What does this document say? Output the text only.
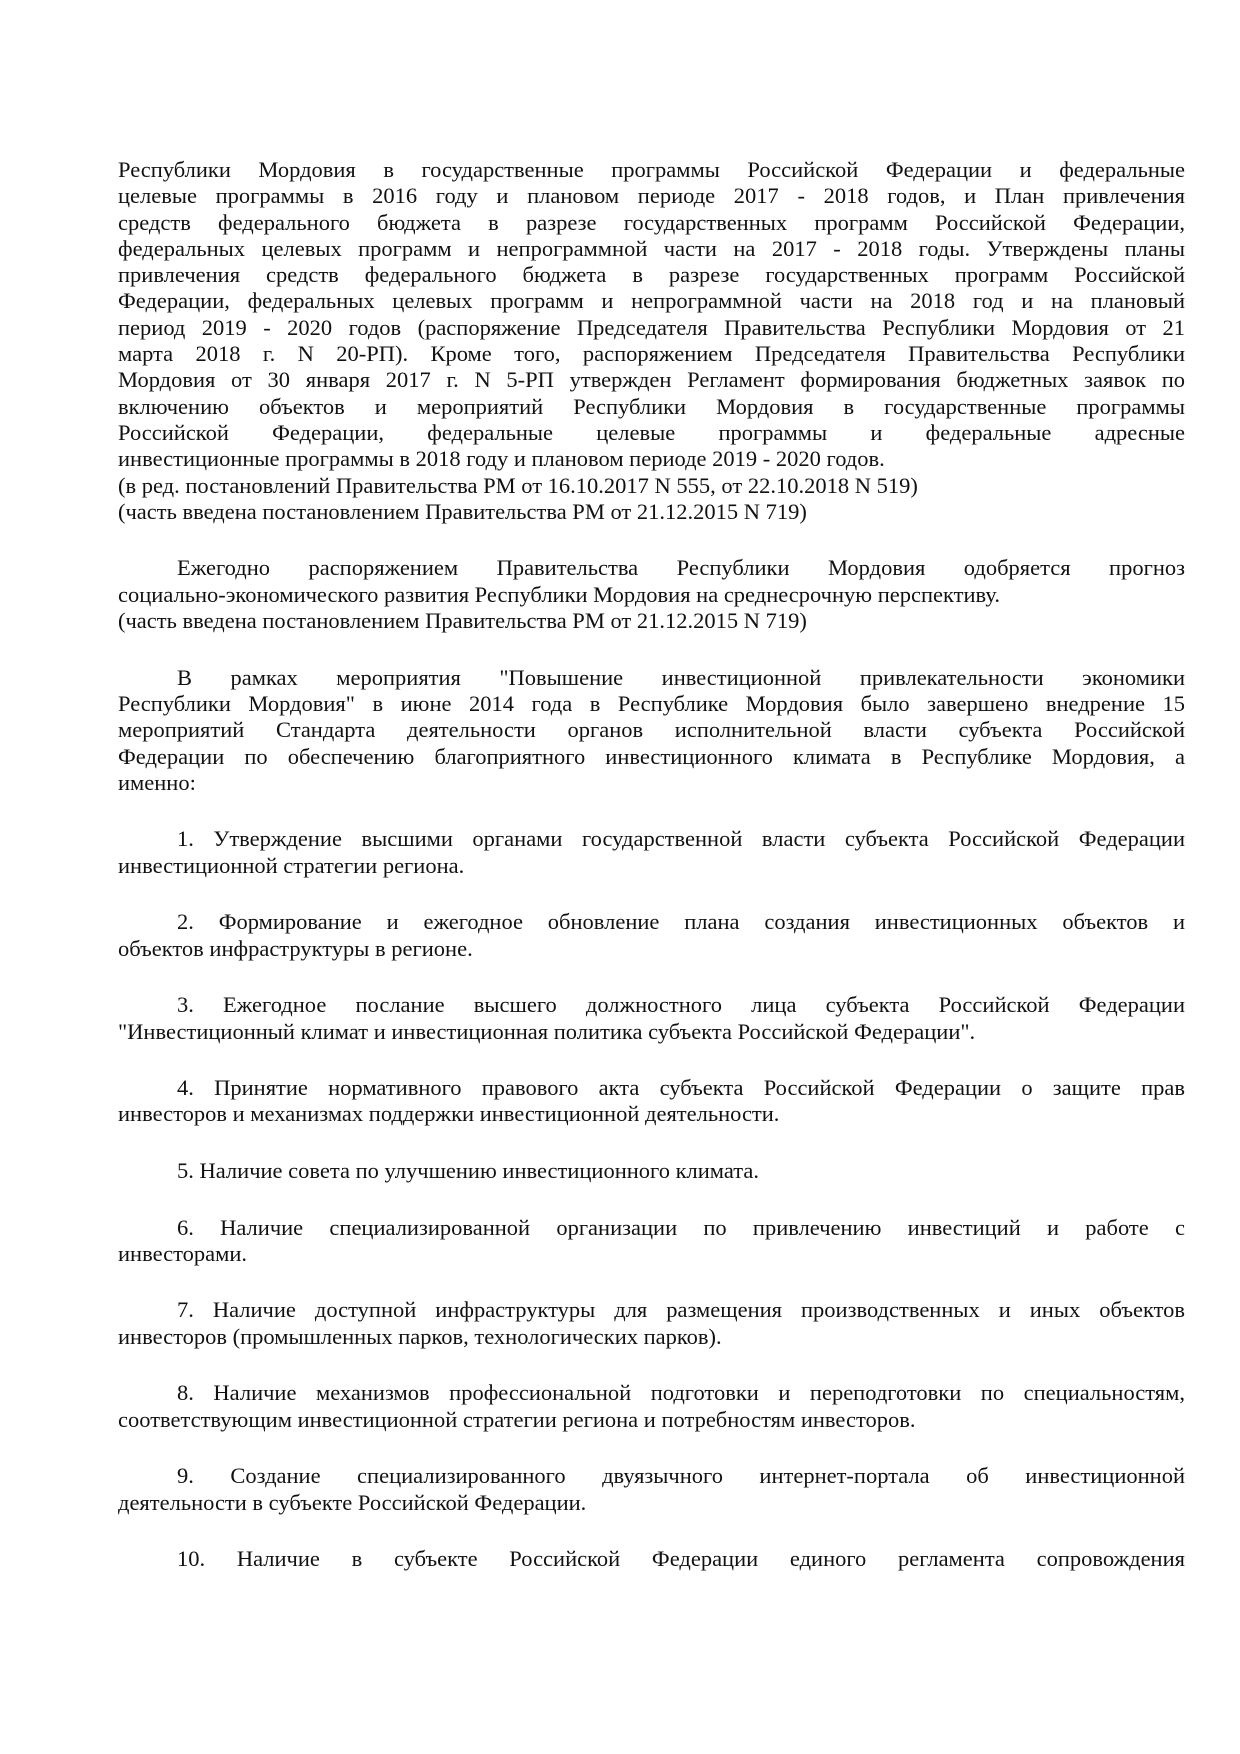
Республики Мордовия в государственные программы Российской Федерации и федеральные
целевые программы в 2016 году и плановом периоде 2017 - 2018 годов, и План привлечения
средств федерального бюджета в разрезе государственных программ Российской Федерации,
федеральных целевых программ и непрограммной части на 2017 - 2018 годы. Утверждены планы
привлечения средств федерального бюджета в разрезе государственных программ Российской
Федерации, федеральных целевых программ и непрограммной части на 2018 год и на плановый
период 2019 - 2020 годов (распоряжение Председателя Правительства Республики Мордовия от 21
марта 2018 г. N 20-РП). Кроме того, распоряжением Председателя Правительства Республики
Мордовия от 30 января 2017 г. N 5-РП утвержден Регламент формирования бюджетных заявок по
включению объектов и мероприятий Республики Мордовия в государственные программы
Российской Федерации, федеральные целевые программы и федеральные адресные
инвестиционные программы в 2018 году и плановом периоде 2019 - 2020 годов.
(в ред. постановлений Правительства РМ от 16.10.2017 N 555, от 22.10.2018 N 519)
(часть введена постановлением Правительства РМ от 21.12.2015 N 719)
Ежегодно распоряжением Правительства Республики Мордовия одобряется прогноз
социально-экономического развития Республики Мордовия на среднесрочную перспективу.
(часть введена постановлением Правительства РМ от 21.12.2015 N 719)
В рамках мероприятия "Повышение инвестиционной привлекательности экономики
Республики Мордовия" в июне 2014 года в Республике Мордовия было завершено внедрение 15
мероприятий Стандарта деятельности органов исполнительной власти субъекта Российской
Федерации по обеспечению благоприятного инвестиционного климата в Республике Мордовия, а
именно:
1. Утверждение высшими органами государственной власти субъекта Российской Федерации
инвестиционной стратегии региона.
2. Формирование и ежегодное обновление плана создания инвестиционных объектов и
объектов инфраструктуры в регионе.
3. Ежегодное послание высшего должностного лица субъекта Российской Федерации
"Инвестиционный климат и инвестиционная политика субъекта Российской Федерации".
4. Принятие нормативного правового акта субъекта Российской Федерации о защите прав
инвесторов и механизмах поддержки инвестиционной деятельности.
5. Наличие совета по улучшению инвестиционного климата.
6. Наличие специализированной организации по привлечению инвестиций и работе с
инвесторами.
7. Наличие доступной инфраструктуры для размещения производственных и иных объектов
инвесторов (промышленных парков, технологических парков).
8. Наличие механизмов профессиональной подготовки и переподготовки по специальностям,
соответствующим инвестиционной стратегии региона и потребностям инвесторов.
9. Создание специализированного двуязычного интернет-портала об инвестиционной
деятельности в субъекте Российской Федерации.
10. Наличие в субъекте Российской Федерации единого регламента сопровождения
